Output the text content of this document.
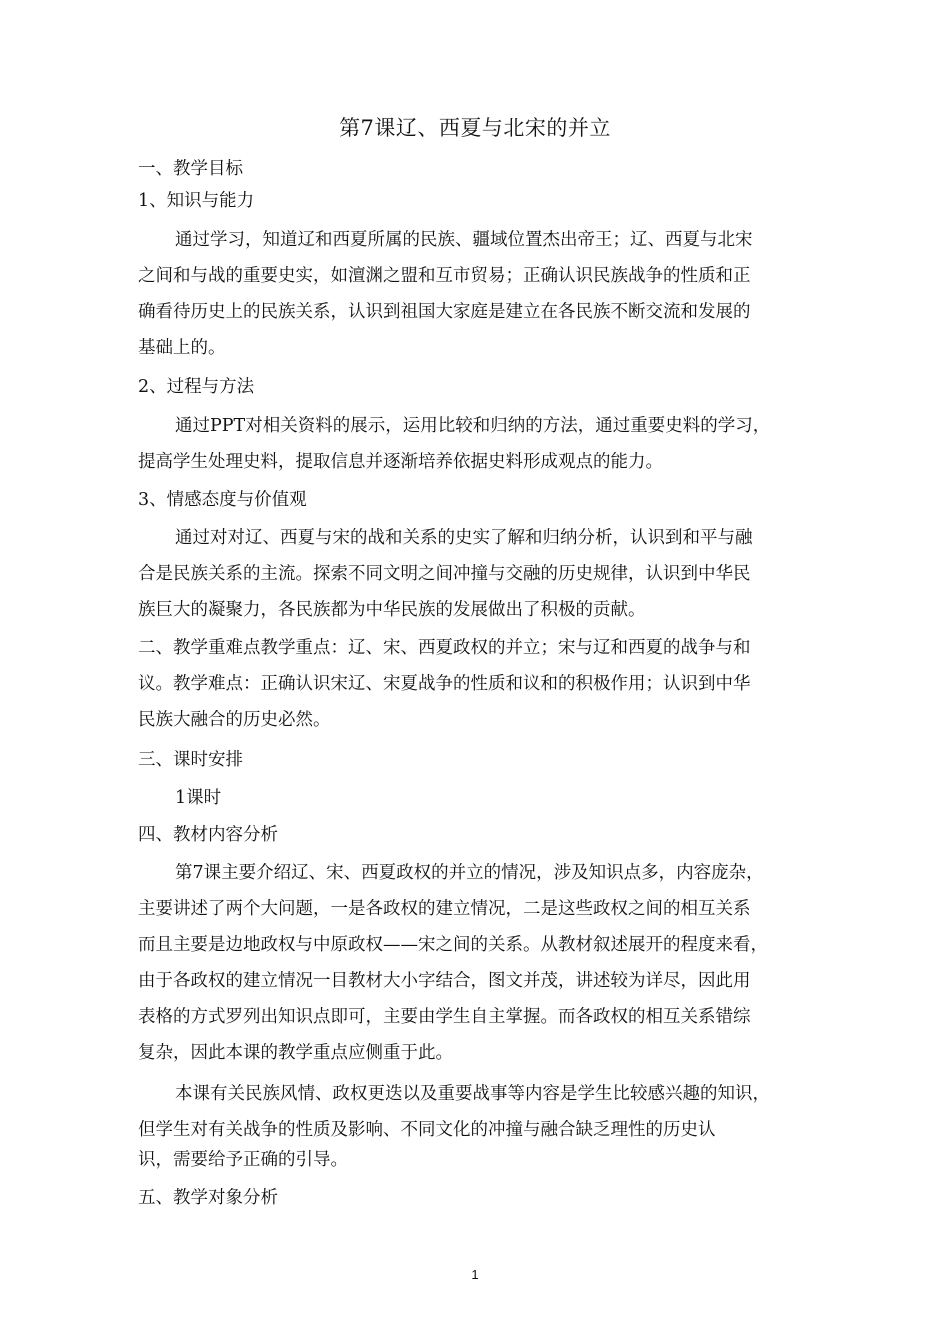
第7课辽、西夏与北宋的并立
一、教学目标
1、知识与能力
通过学习，知道辽和西夏所属的民族、疆域位置杰出帝王；辽、西夏与北宋
之间和与战的重要史实，如澶渊之盟和互市贸易；正确认识民族战争的性质和正
确看待历史上的民族关系，认识到祖国大家庭是建立在各民族不断交流和发展的
基础上的。
2、过程与方法
通过PPT对相关资料的展示，运用比较和归纳的方法，通过重要史料的学习，
提高学生处理史料，提取信息并逐渐培养依据史料形成观点的能力。
3、情感态度与价值观
通过对对辽、西夏与宋的战和关系的史实了解和归纳分析，认识到和平与融
合是民族关系的主流。探索不同文明之间冲撞与交融的历史规律，认识到中华民
族巨大的凝聚力，各民族都为中华民族的发展做出了积极的贡献。
二、教学重难点教学重点：辽、宋、西夏政权的并立；宋与辽和西夏的战争与和
议。教学难点：正确认识宋辽、宋夏战争的性质和议和的积极作用；认识到中华
民族大融合的历史必然。
三、课时安排
1课时
四、教材内容分析
第7课主要介绍辽、宋、西夏政权的并立的情况，涉及知识点多，内容庞杂，
主要讲述了两个大问题，一是各政权的建立情况，二是这些政权之间的相互关系
而且主要是边地政权与中原政权——宋之间的关系。从教材叙述展开的程度来看，
由于各政权的建立情况一目教材大小字结合，图文并茂，讲述较为详尽，因此用
表格的方式罗列出知识点即可，主要由学生自主掌握。而各政权的相互关系错综
复杂，因此本课的教学重点应侧重于此。
本课有关民族风情、政权更迭以及重要战事等内容是学生比较感兴趣的知识，
但学生对有关战争的性质及影响、不同文化的冲撞与融合缺乏理性的历史认
识，需要给予正确的引导。
五、教学对象分析
1
